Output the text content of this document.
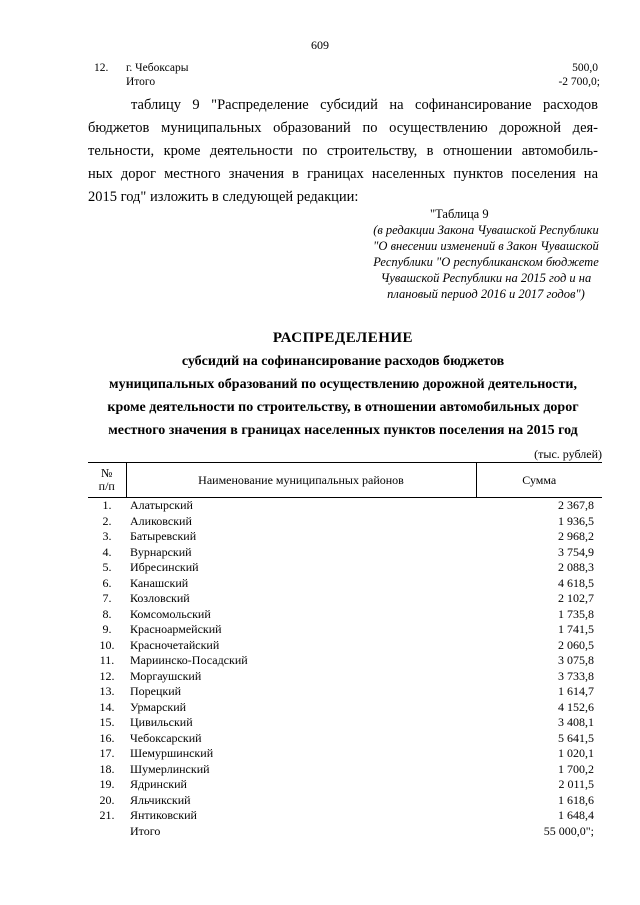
609
12. г. Чебоксары	500,0
Итого	-2 700,0;
таблицу 9 "Распределение субсидий на софинансирование расходов
бюджетов муниципальных образований по осуществлению дорожной дея-
тельности, кроме деятельности по строительству, в отношении автомобиль-
ных дорог местного значения в границах населенных пунктов поселения на
2015 год" изложить в следующей редакции:
"Таблица 9
(в редакции Закона Чувашской Республики
"О внесении изменений в Закон Чувашской
Республики "О республиканском бюджете
Чувашской Республики на 2015 год и на
плановый период 2016 и 2017 годов")
РАСПРЕДЕЛЕНИЕ
субсидий на софинансирование расходов бюджетов
муниципальных образований по осуществлению дорожной деятельности,
кроме деятельности по строительству, в отношении автомобильных дорог
местного значения в границах населенных пунктов поселения на 2015 год
(тыс. рублей)
№
п/п	Наименование муниципальных районов	Сумма
1.	Алатырский	2 367,8
2.	Аликовский	1 936,5
3.	Батыревский	2 968,2
4.	Вурнарский	3 754,9
5.	Ибресинский	2 088,3
6.	Канашский	4 618,5
7.	Козловский	2 102,7
8.	Комсомольский	1 735,8
9.	Красноармейский	1 741,5
10.	Красночетайский	2 060,5
11.	Мариинско-Посадский	3 075,8
12.	Моргаушский	3 733,8
13.	Порецкий	1 614,7
14.	Урмарский	4 152,6
15.	Цивильский	3 408,1
16.	Чебоксарский	5 641,5
17.	Шемуршинский	1 020,1
18.	Шумерлинский	1 700,2
19.	Ядринский	2 011,5
20.	Яльчикский	1 618,6
21.	Янтиковский	1 648,4
	Итого	55 000,0";
